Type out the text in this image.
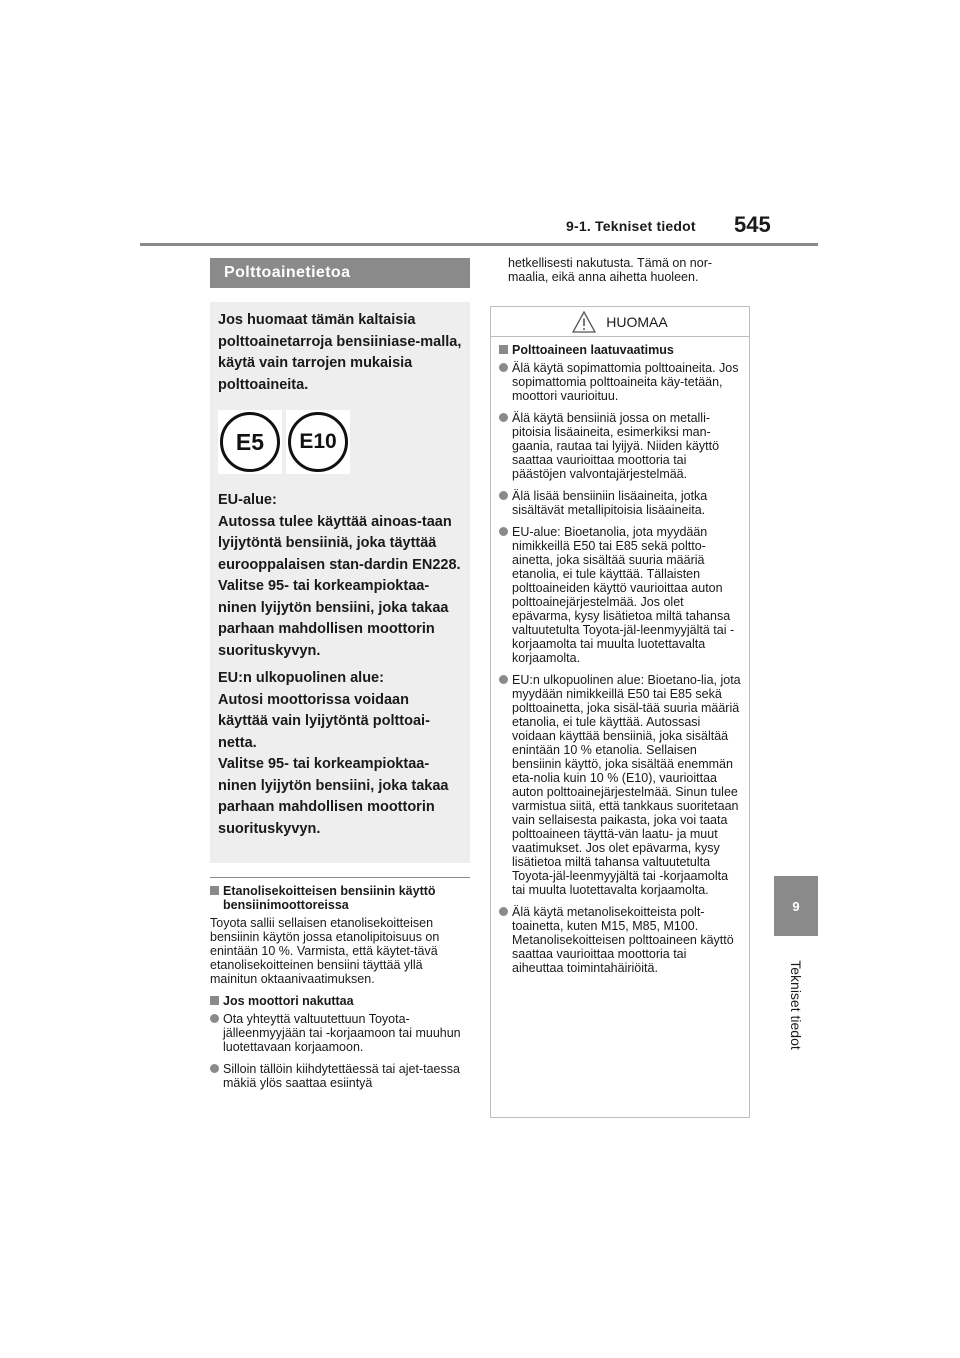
9-1. Tekniset tiedot 545
9
Tekniset tiedot
Polttoainetietoa

Jos huomaat tämän kaltaisia polttoainetarroja bensiiniase-malla, käytä vain tarrojen mukaisia polttoaineita.

E5	E10

EU-alue:

Autossa tulee käyttää ainoas-taan lyijytöntä bensiiniä, joka täyttää eurooppalaisen stan-dardin EN228.

Valitse 95- tai korkeampioktaa-ninen lyijytön bensiini, joka takaa parhaan mahdollisen moottorin suorituskyvyn.

EU:n ulkopuolinen alue:

Autosi moottorissa voidaan käyttää vain lyijytöntä polttoai-netta.

Valitse 95- tai korkeampioktaa-ninen lyijytön bensiini, joka takaa parhaan mahdollisen moottorin suorituskyvyn.

Etanolisekoitteisen bensiinin käyttö bensiinimoottoreissa
Toyota sallii sellaisen etanolisekoitteisen bensiinin käytön jossa etanolipitoisuus on enintään 10 %. Varmista, että käytet-tävä etanolisekoitteinen bensiini täyttää yllä mainitun oktaanivaatimuksen.
Jos moottori nakuttaa
Ota yhteyttä valtuutettuun Toyota-jälleenmyyjään tai -korjaamoon tai muuhun luotettavaan korjaamoon.
Silloin tällöin kiihdytettäessä tai ajet-taessa mäkiä ylös saattaa esiintyä
hetkellisesti nakutusta. Tämä on nor-maalia, eikä anna aihetta huoleen.
HUOMAA
Polttoaineen laatuvaatimus
Älä käytä sopimattomia polttoaineita. Jos sopimattomia polttoaineita käy-tetään, moottori vaurioituu.
Älä käytä bensiiniä jossa on metalli-pitoisia lisäaineita, esimerkiksi man-gaania, rautaa tai lyijyä. Niiden käyttö saattaa vaurioittaa moottoria tai päästöjen valvontajärjestelmää.
Älä lisää bensiiniin lisäaineita, jotka sisältävät metallipitoisia lisäaineita.
EU-alue: Bioetanolia, jota myydään nimikkeillä E50 tai E85 sekä poltto-ainetta, joka sisältää suuria määriä etanolia, ei tule käyttää. Tällaisten polttoaineiden käyttö vaurioittaa auton polttoainejärjestelmää. Jos olet epävarma, kysy lisätietoa miltä tahansa valtuutetulta Toyota-jäl-leenmyyjältä tai -korjaamolta tai muulta luotettavalta korjaamolta.
EU:n ulkopuolinen alue: Bioetano-lia, jota myydään nimikkeillä E50 tai E85 sekä polttoainetta, joka sisäl-tää suuria määriä etanolia, ei tule käyttää. Autossasi voidaan käyttää bensiiniä, joka sisältää enintään 10 % etanolia. Sellaisen bensiinin käyttö, joka sisältää enemmän eta-nolia kuin 10 % (E10), vaurioittaa auton polttoainejärjestelmää. Sinun tulee varmistua siitä, että tankkaus suoritetaan vain sellaisesta paikasta, joka voi taata polttoaineen täyttä-vän laatu- ja muut vaatimukset. Jos olet epävarma, kysy lisätietoa miltä tahansa valtuutetulta Toyota-jäl-leenmyyjältä tai -korjaamolta tai muulta luotettavalta korjaamolta.
Älä käytä metanolisekoitteista polt-toainetta, kuten M15, M85, M100. Metanolisekoitteisen polttoaineen käyttö saattaa vaurioittaa moottoria tai aiheuttaa toimintahäiriöitä.
